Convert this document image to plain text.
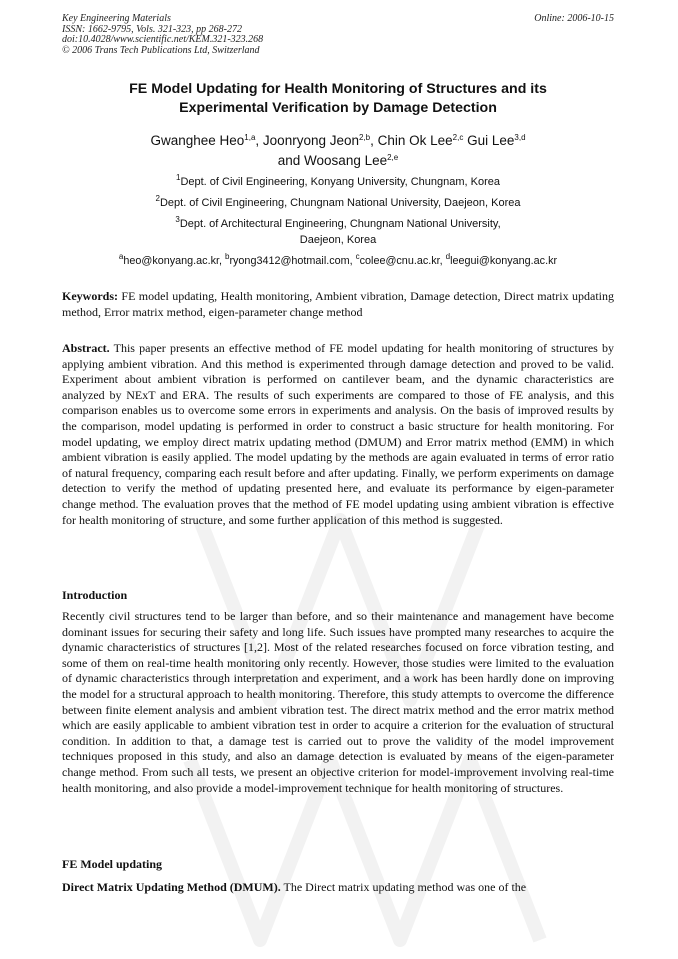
Key Engineering Materials
ISSN: 1662-9795, Vols. 321-323, pp 268-272
doi:10.4028/www.scientific.net/KEM.321-323.268
© 2006 Trans Tech Publications Ltd, Switzerland
Online: 2006-10-15
FE Model Updating for Health Monitoring of Structures and its
Experimental Verification by Damage Detection
Gwanghee Heo$^{1,a}$, Joonryong Jeon$^{2,b}$, Chin Ok Lee$^{2,c}$ Gui Lee$^{3,d}$
and Woosang Lee$^{2,e}$
$^1$Dept. of Civil Engineering, Konyang University, Chungnam, Korea
$^2$Dept. of Civil Engineering, Chungnam National University, Daejeon, Korea
$^3$Dept. of Architectural Engineering, Chungnam National University,
Daejeon, Korea
$^a$heo@konyang.ac.kr, $^b$ryong3412@hotmail.com, $^c$colee@cnu.ac.kr, $^d$leegui@konyang.ac.kr
Keywords: FE model updating, Health monitoring, Ambient vibration, Damage detection, Direct matrix updating method, Error matrix method, eigen-parameter change method
Abstract. This paper presents an effective method of FE model updating for health monitoring of structures by applying ambient vibration. And this method is experimented through damage detection and proved to be valid. Experiment about ambient vibration is performed on cantilever beam, and the dynamic characteristics are analyzed by NExT and ERA. The results of such experiments are compared to those of FE analysis, and this comparison enables us to overcome some errors in experiments and analysis. On the basis of improved results by the comparison, model updating is performed in order to construct a basic structure for health monitoring. For model updating, we employ direct matrix updating method (DMUM) and Error matrix method (EMM) in which ambient vibration is easily applied. The model updating by the methods are again evaluated in terms of error ratio of natural frequency, comparing each result before and after updating. Finally, we perform experiments on damage detection to verify the method of updating presented here, and evaluate its performance by eigen-parameter change method. The evaluation proves that the method of FE model updating using ambient vibration is effective for health monitoring of structure, and some further application of this method is suggested.
Introduction
Recently civil structures tend to be larger than before, and so their maintenance and management have become dominant issues for securing their safety and long life. Such issues have prompted many researches to acquire the dynamic characteristics of structures [1,2]. Most of the related researches focused on force vibration testing, and some of them on real-time health monitoring only recently. However, those studies were limited to the evaluation of dynamic characteristics through interpretation and experiment, and a work has been hardly done on improving the model for a structural approach to health monitoring. Therefore, this study attempts to overcome the difference between finite element analysis and ambient vibration test. The direct matrix method and the error matrix method which are easily applicable to ambient vibration test in order to acquire a criterion for the evaluation of structural condition. In addition to that, a damage test is carried out to prove the validity of the model improvement techniques proposed in this study, and also an damage detection is evaluated by means of the eigen-parameter change method. From such all tests, we present an objective criterion for model-improvement involving real-time health monitoring, and also provide a model-improvement technique for health monitoring of structures.
FE Model updating
Direct Matrix Updating Method (DMUM). The Direct matrix updating method was one of the
